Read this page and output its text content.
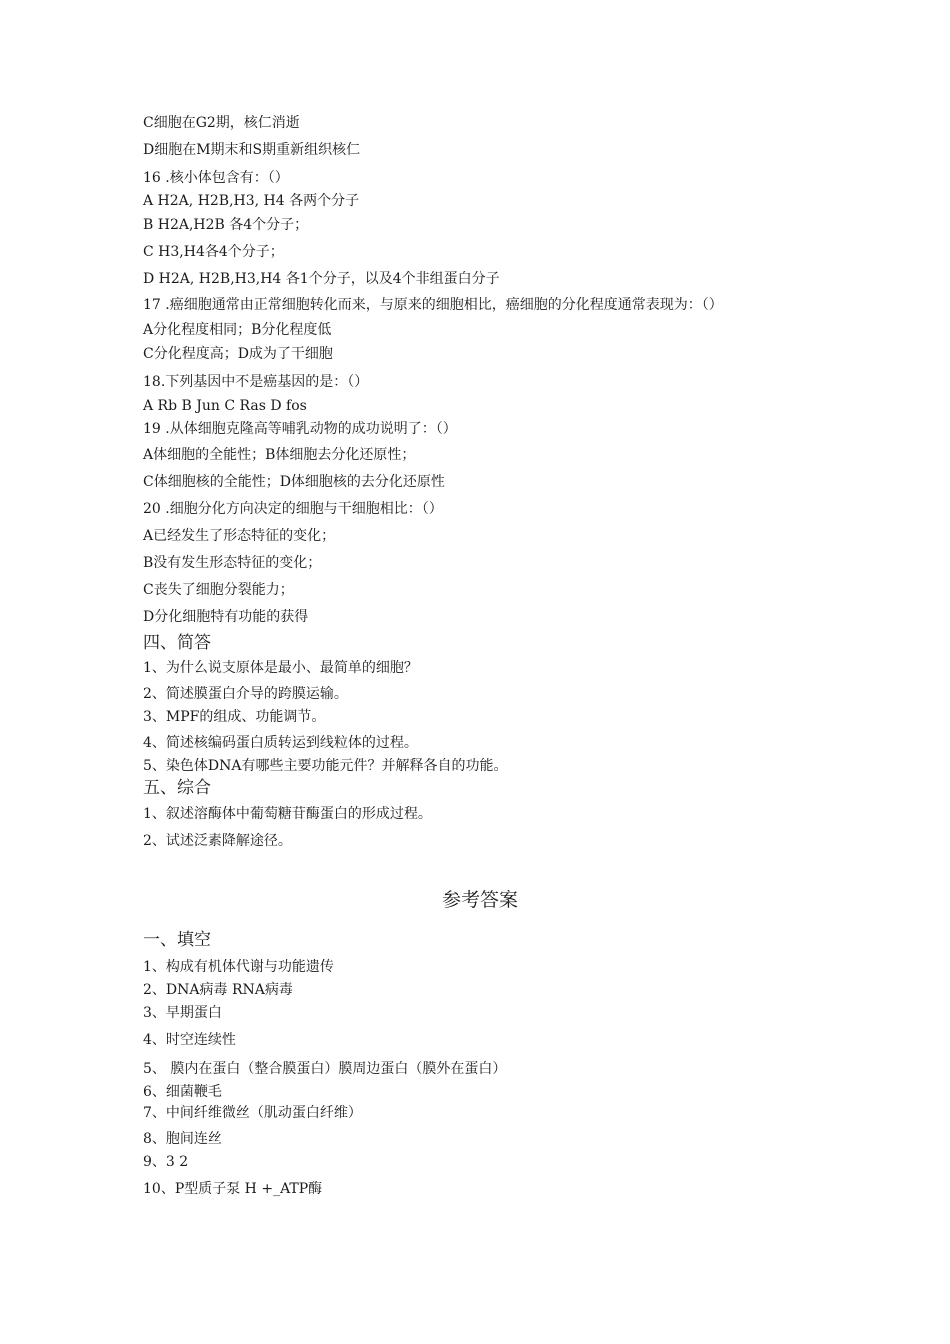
C细胞在G2期，核仁消逝

D细胞在M期末和S期重新组织核仁

16 .核小体包含有：（）

A H2A, H2B,H3, H4 各两个分子

B H2A,H2B 各4个分子；

C H3,H4各4个分子；

D H2A, H2B,H3,H4 各1个分子，以及4个非组蛋白分子

17 .癌细胞通常由正常细胞转化而来，与原来的细胞相比，癌细胞的分化程度通常表现为：（）

A分化程度相同；B分化程度低

C分化程度高；D成为了干细胞

18.下列基因中不是癌基因的是：（）

A Rb B Jun C Ras D fos

19 .从体细胞克隆高等哺乳动物的成功说明了：（）

A体细胞的全能性；B体细胞去分化还原性；

C体细胞核的全能性；D体细胞核的去分化还原性

20 .细胞分化方向决定的细胞与干细胞相比：（）

A已经发生了形态特征的变化；

B没有发生形态特征的变化；

C丧失了细胞分裂能力；

D分化细胞特有功能的获得

四、简答

1、为什么说支原体是最小、最简单的细胞？

2、简述膜蛋白介导的跨膜运输。

3、MPF的组成、功能调节。

4、简述核编码蛋白质转运到线粒体的过程。

5、染色体DNA有哪些主要功能元件？并解释各自的功能。

五、综合

1、叙述溶酶体中葡萄糖苷酶蛋白的形成过程。

2、试述泛素降解途径。

参考答案

一、填空

1、构成有机体代谢与功能遗传

2、DNA病毒 RNA病毒

3、早期蛋白

4、时空连续性

5、 膜内在蛋白（整合膜蛋白）膜周边蛋白（膜外在蛋白）

6、细菌鞭毛

7、中间纤维微丝（肌动蛋白纤维）

8、胞间连丝

9、3 2

10、P型质子泵 H +_ATP酶
